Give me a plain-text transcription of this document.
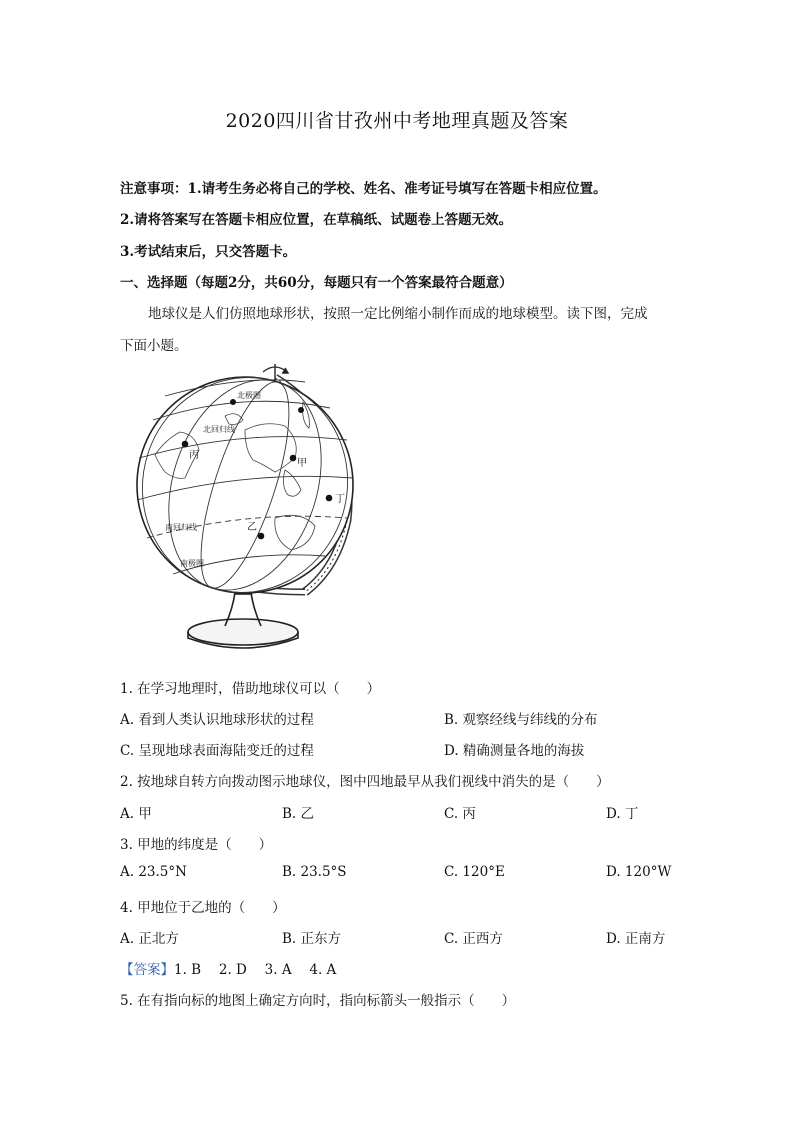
2020四川省甘孜州中考地理真题及答案
注意事项：1.请考生务必将自己的学校、姓名、准考证号填写在答题卡相应位置。
2.请将答案写在答题卡相应位置，在草稿纸、试题卷上答题无效。
3.考试结束后，只交答题卡。
一、选择题（每题2分，共60分，每题只有一个答案最符合题意）
地球仪是人们仿照地球形状，按照一定比例缩小制作而成的地球模型。读下图，完成
下面小题。
北极圈
北回归线
南回归线
南极圈
丙
甲
乙
丁
1. 在学习地理时，借助地球仪可以（　　）
A. 看到人类认识地球形状的过程	B. 观察经线与纬线的分布
C. 呈现地球表面海陆变迁的过程	D. 精确测量各地的海拔
2. 按地球自转方向拨动图示地球仪，图中四地最早从我们视线中消失的是（　　）
A. 甲	B. 乙	C. 丙	D. 丁
3. 甲地的纬度是（　　）
A. 23.5°N	B. 23.5°S	C. 120°E	D. 120°W
4. 甲地位于乙地的（　　）
A. 正北方	B. 正东方	C. 正西方	D. 正南方
【答案】1. B　 2. D　 3. A　 4. A
5. 在有指向标的地图上确定方向时，指向标箭头一般指示（　　）
